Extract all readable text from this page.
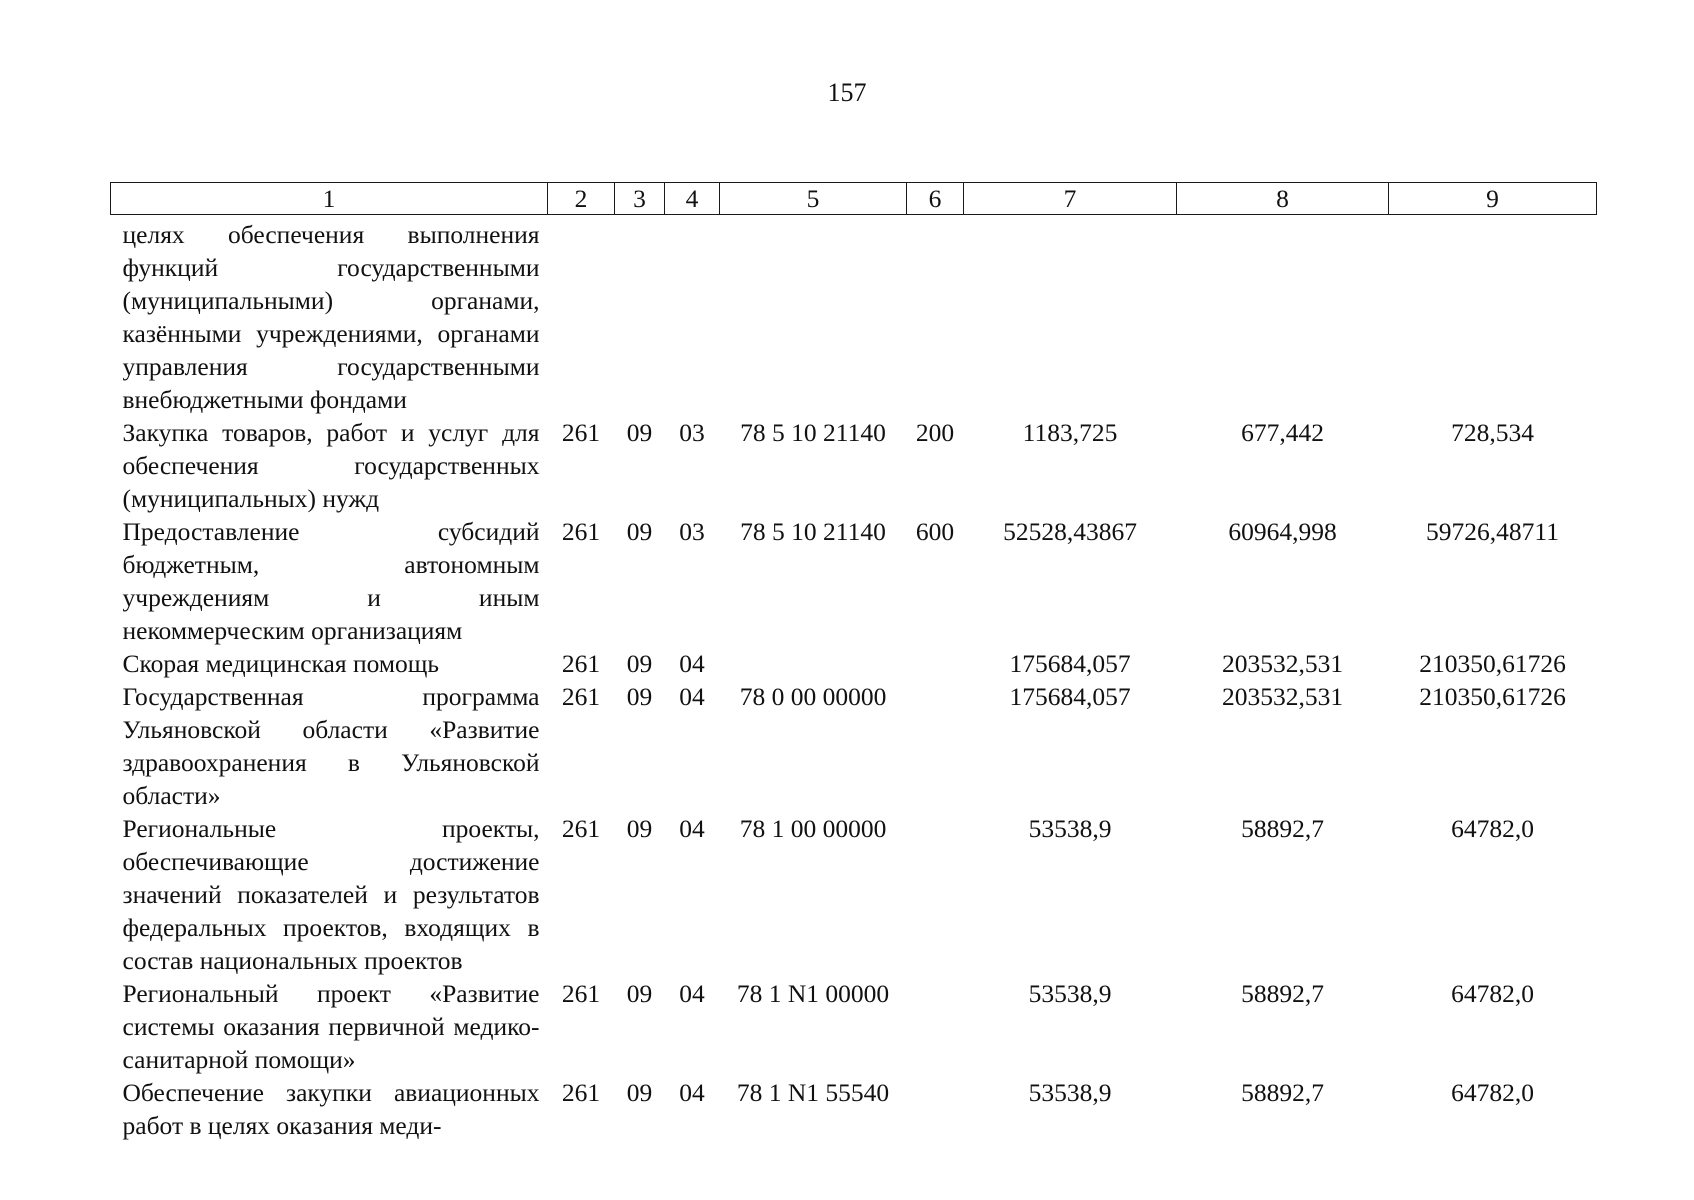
157
1	2	3	4	5	6	7	8	9
целях обеспечения выполнения функций государственными (муниципальными) органами, казёнными учреждениями, органами управления государственными внебюджетными фондами								
Закупка товаров, работ и услуг для обеспечения государственных (муниципальных) нужд	261	09	03	78 5 10 21140	200	1183,725	677,442	728,534
Предоставление субсидий бюджетным, автономным учреждениям и иным некоммерческим организациям	261	09	03	78 5 10 21140	600	52528,43867	60964,998	59726,48711
Скорая медицинская помощь	261	09	04			175684,057	203532,531	210350,61726
Государственная программа Ульяновской области «Развитие здравоохранения в Ульяновской области»	261	09	04	78 0 00 00000		175684,057	203532,531	210350,61726
Региональные проекты, обеспечивающие достижение значений показателей и результатов федеральных проектов, входящих в состав национальных проектов	261	09	04	78 1 00 00000		53538,9	58892,7	64782,0
Региональный проект «Развитие системы оказания первичной медико-санитарной помощи»	261	09	04	78 1 N1 00000		53538,9	58892,7	64782,0
Обеспечение закупки авиационных работ в целях оказания меди-	261	09	04	78 1 N1 55540		53538,9	58892,7	64782,0
